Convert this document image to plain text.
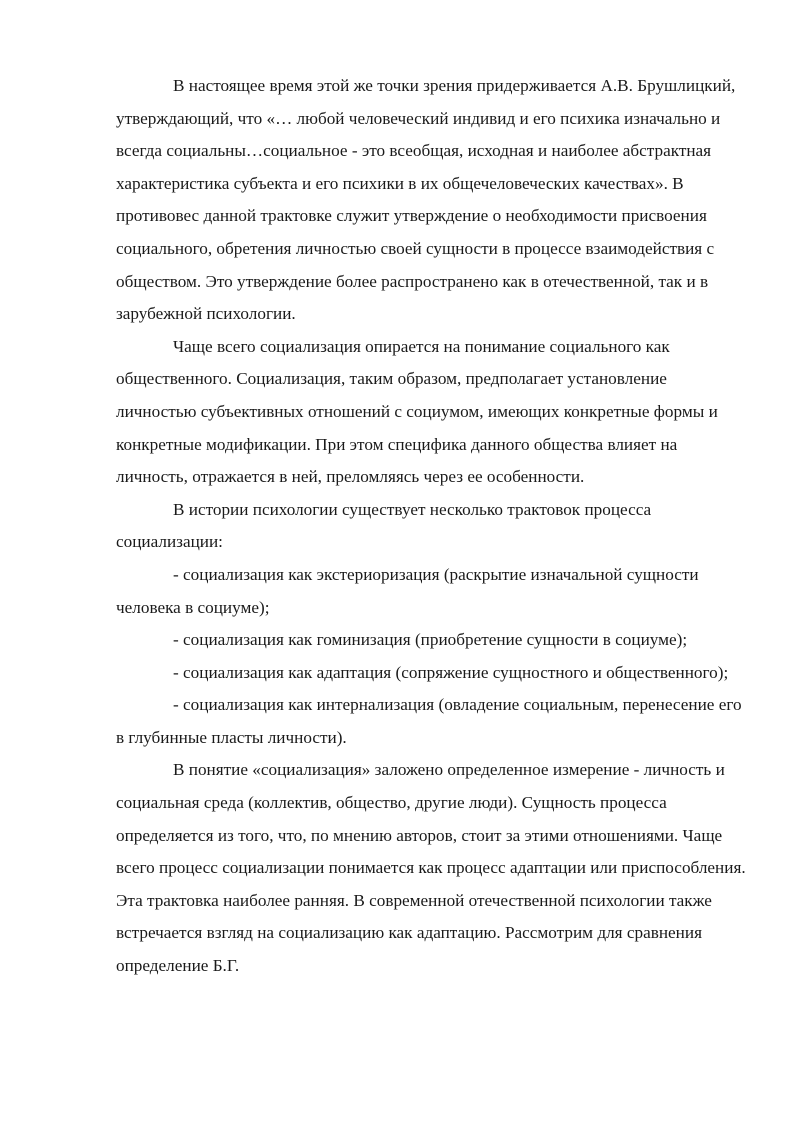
В настоящее время этой же точки зрения придерживается А.В. Брушлицкий, утверждающий, что «… любой человеческий индивид и его психика изначально и всегда социальны…социальное - это всеобщая, исходная и наиболее абстрактная характеристика субъекта и его психики в их общечеловеческих качествах». В противовес данной трактовке служит утверждение о необходимости присвоения социального, обретения личностью своей сущности в процессе взаимодействия с обществом. Это утверждение более распространено как в отечественной, так и в зарубежной психологии.

Чаще всего социализация опирается на понимание социального как общественного. Социализация, таким образом, предполагает установление личностью субъективных отношений с социумом, имеющих конкретные формы и конкретные модификации. При этом специфика данного общества влияет на личность, отражается в ней, преломляясь через ее особенности.

В истории психологии существует несколько трактовок процесса социализации:

- социализация как экстериоризация (раскрытие изначальной сущности человека в социуме);

- социализация как гоминизация (приобретение сущности в социуме);

- социализация как адаптация (сопряжение сущностного и общественного);

- социализация как интернализация (овладение социальным, перенесение его в глубинные пласты личности).

В понятие «социализация» заложено определенное измерение - личность и социальная среда (коллектив, общество, другие люди). Сущность процесса определяется из того, что, по мнению авторов, стоит за этими отношениями. Чаще всего процесс социализации понимается как процесс адаптации или приспособления. Эта трактовка наиболее ранняя. В современной отечественной психологии также встречается взгляд на социализацию как адаптацию. Рассмотрим для сравнения определение Б.Г.
